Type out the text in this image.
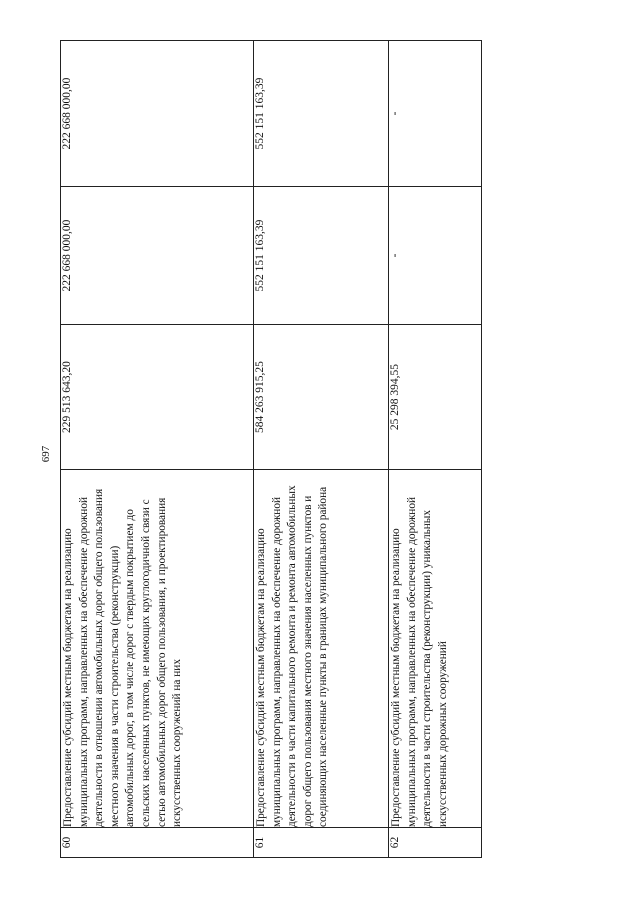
697
60	Предоставление субсидий местным бюджетам на реализацию муниципальных программ, направленных на обеспечение дорожной деятельности в отношении автомобильных дорог общего пользования местного значения в части строительства (реконструкции) автомобильных дорог, в том числе дорог с твердым покрытием до сельских населенных пунктов, не имеющих круглогодичной связи с сетью автомобильных дорог общего пользования, и проектирования искусственных сооружений на них	229 513 643,20	222 668 000,00	222 668 000,00
61	Предоставление субсидий местным бюджетам на реализацию муниципальных программ, направленных на обеспечение дорожной деятельности в части капитального ремонта и ремонта автомобильных дорог общего пользования местного значения населенных пунктов и соединяющих населенные пункты в границах муниципального района	584 263 915,25	552 151 163,39	552 151 163,39
62	Предоставление субсидий местным бюджетам на реализацию муниципальных программ, направленных на обеспечение дорожной деятельности в части строительства (реконструкции) уникальных искусственных дорожных сооружений	25 298 394,55	-	-
